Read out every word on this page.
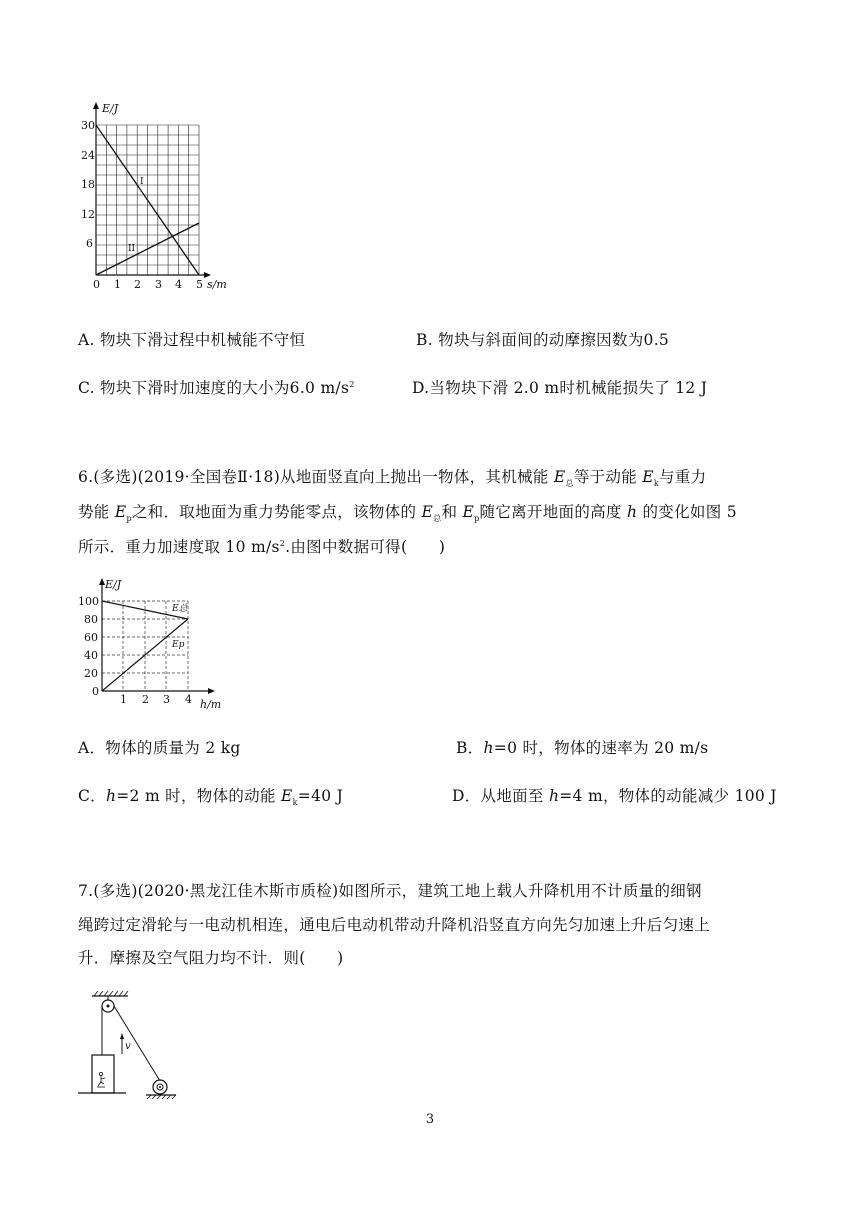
E/J
s/m
30
24
18
12
6
0 1 2 3 4 5
I
II
A. 物块下滑过程中机械能不守恒	B. 物块与斜面间的动摩擦因数为0.5
C. 物块下滑时加速度的大小为6.0 $m/s^2$	D.当物块下滑 2.0 m时机械能损失了 12 J
6.(多选)(2019·全国卷Ⅱ·18)从地面竖直向上抛出一物体，其机械能 $E_总$等于动能 $E_k$与重力
势能 $E_p$之和．取地面为重力势能零点，该物体的 $E_总$和 $E_p$随它离开地面的高度 h 的变化如图 5
所示．重力加速度取 10 $m/s^2$.由图中数据可得(　　)
E/J
h/m
100
80
60
40
20
0
1 2 3 4
E总
Ep
A．物体的质量为 2 kg	B．h=0 时，物体的速率为 20 m/s
C．h=2 m 时，物体的动能 $E_k=40$ J	D．从地面至 h=4 m，物体的动能减少 100 J
7.(多选)(2020·黑龙江佳木斯市质检)如图所示，建筑工地上载人升降机用不计质量的细钢
绳跨过定滑轮与一电动机相连，通电后电动机带动升降机沿竖直方向先匀加速上升后匀速上
升．摩擦及空气阻力均不计．则(　　)
v
3
